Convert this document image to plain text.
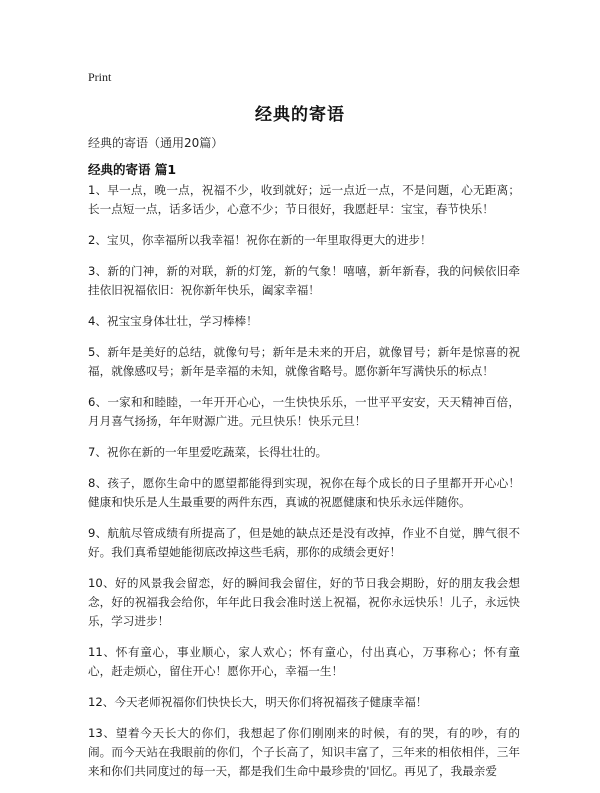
Print
经典的寄语
经典的寄语（通用20篇）
经典的寄语 篇1

1、早一点，晚一点，祝福不少，收到就好；远一点近一点，不是问题，心无距离；长一点短一点，话多话少，心意不少；节日很好，我愿赶早：宝宝，春节快乐！

2、宝贝，你幸福所以我幸福！祝你在新的一年里取得更大的进步！

3、新的门神，新的对联，新的灯笼，新的气象！嘻嘻，新年新春，我的问候依旧牵挂依旧祝福依旧：祝你新年快乐，阖家幸福！

4、祝宝宝身体壮壮，学习棒棒！

5、新年是美好的总结，就像句号；新年是未来的开启，就像冒号；新年是惊喜的祝福，就像感叹号；新年是幸福的未知，就像省略号。愿你新年写满快乐的标点！

6、一家和和睦睦，一年开开心心，一生快快乐乐，一世平平安安，天天精神百倍，月月喜气扬扬，年年财源广进。元旦快乐！快乐元旦！

7、祝你在新的一年里爱吃蔬菜，长得壮壮的。

8、孩子，愿你生命中的愿望都能得到实现，祝你在每个成长的日子里都开开心心！健康和快乐是人生最重要的两件东西，真诚的祝愿健康和快乐永远伴随你。

9、航航尽管成绩有所提高了，但是她的缺点还是没有改掉，作业不自觉，脾气很不好。我们真希望她能彻底改掉这些毛病，那你的成绩会更好！

10、好的风景我会留恋，好的瞬间我会留住，好的节日我会期盼，好的朋友我会想念，好的祝福我会给你，年年此日我会准时送上祝福，祝你永远快乐！儿子，永远快乐，学习进步！

11、怀有童心，事业顺心，家人欢心；怀有童心，付出真心，万事称心；怀有童心，赶走烦心，留住开心！愿你开心，幸福一生！

12、今天老师祝福你们快快长大，明天你们将祝福孩子健康幸福！

13、望着今天长大的你们，我想起了你们刚刚来的时候，有的哭，有的吵，有的闹。而今天站在我眼前的你们，个子长高了，知识丰富了，三年来的相依相伴，三年来和你们共同度过的每一天，都是我们生命中最珍贵的'回忆。再见了，我最亲爱
